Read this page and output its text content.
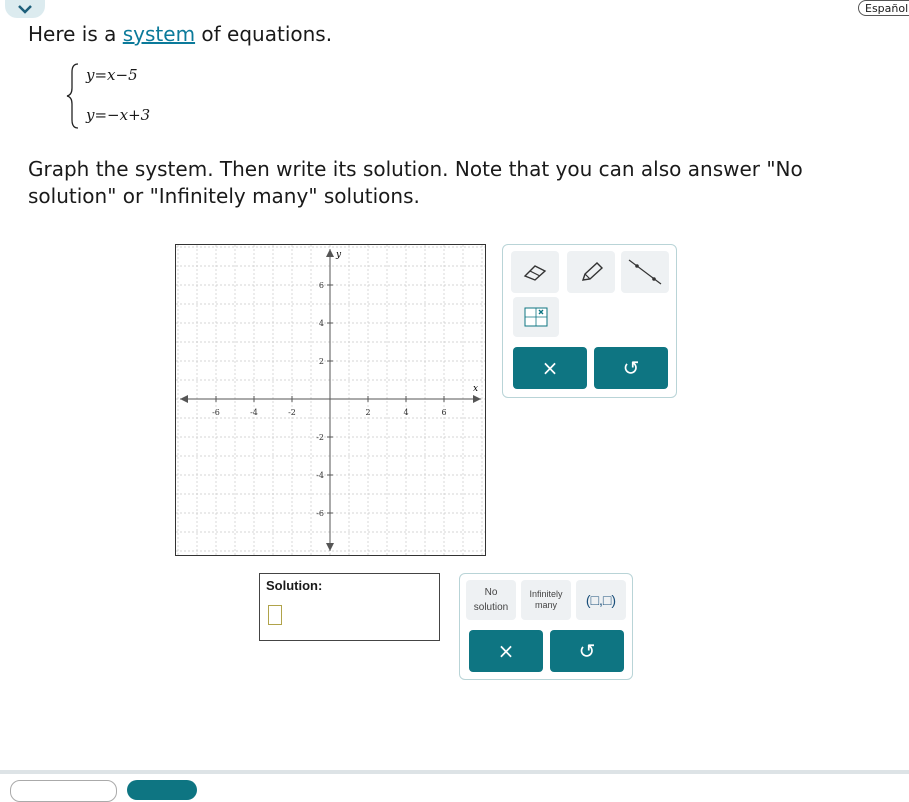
Español
Here is a system of equations.
y=x−5
y=−x+3
Graph the system. Then write its solution. Note that you can also answer "No solution" or "Infinitely many" solutions.
-6	-4	-2	2	4	6
6
4
2
-2
-4
-6
x
y
×	↺
Solution:	No
solution
Infinitely
many	(□,□)
×	↺
